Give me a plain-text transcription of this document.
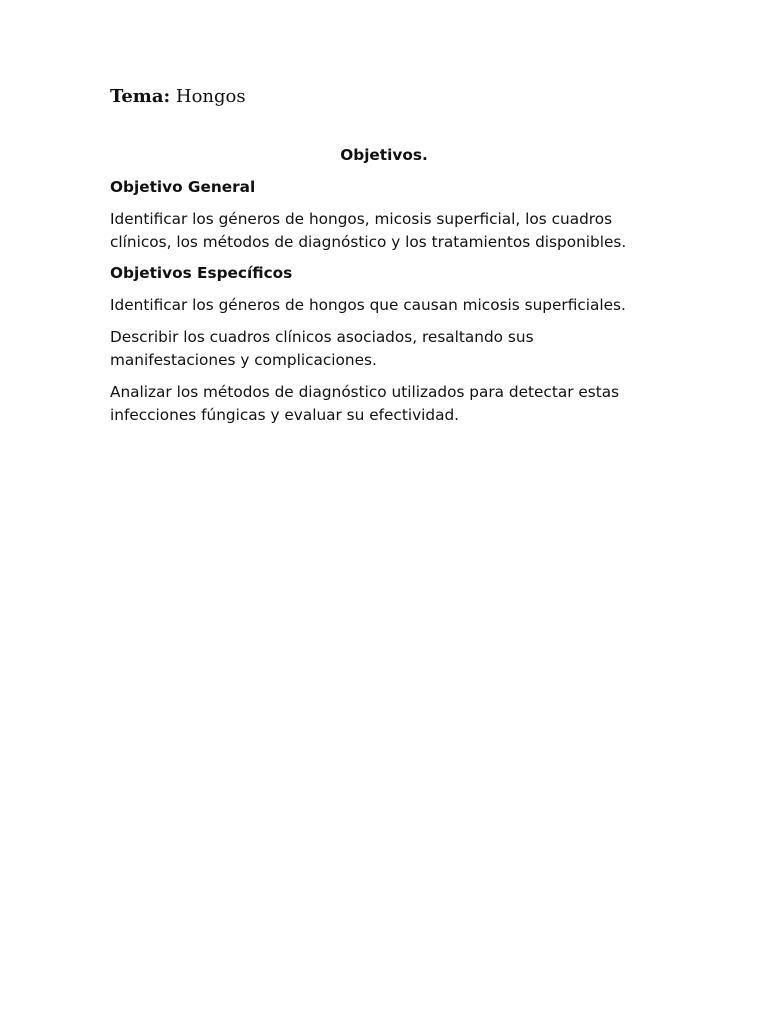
Tema: Hongos
Objetivos.
Objetivo General
Identificar los géneros de hongos, micosis superficial, los cuadros clínicos, los métodos de diagnóstico y los tratamientos disponibles.
Objetivos Específicos
Identificar los géneros de hongos que causan micosis superficiales.
Describir los cuadros clínicos asociados, resaltando sus manifestaciones y complicaciones.
Analizar los métodos de diagnóstico utilizados para detectar estas infecciones fúngicas y evaluar su efectividad.
